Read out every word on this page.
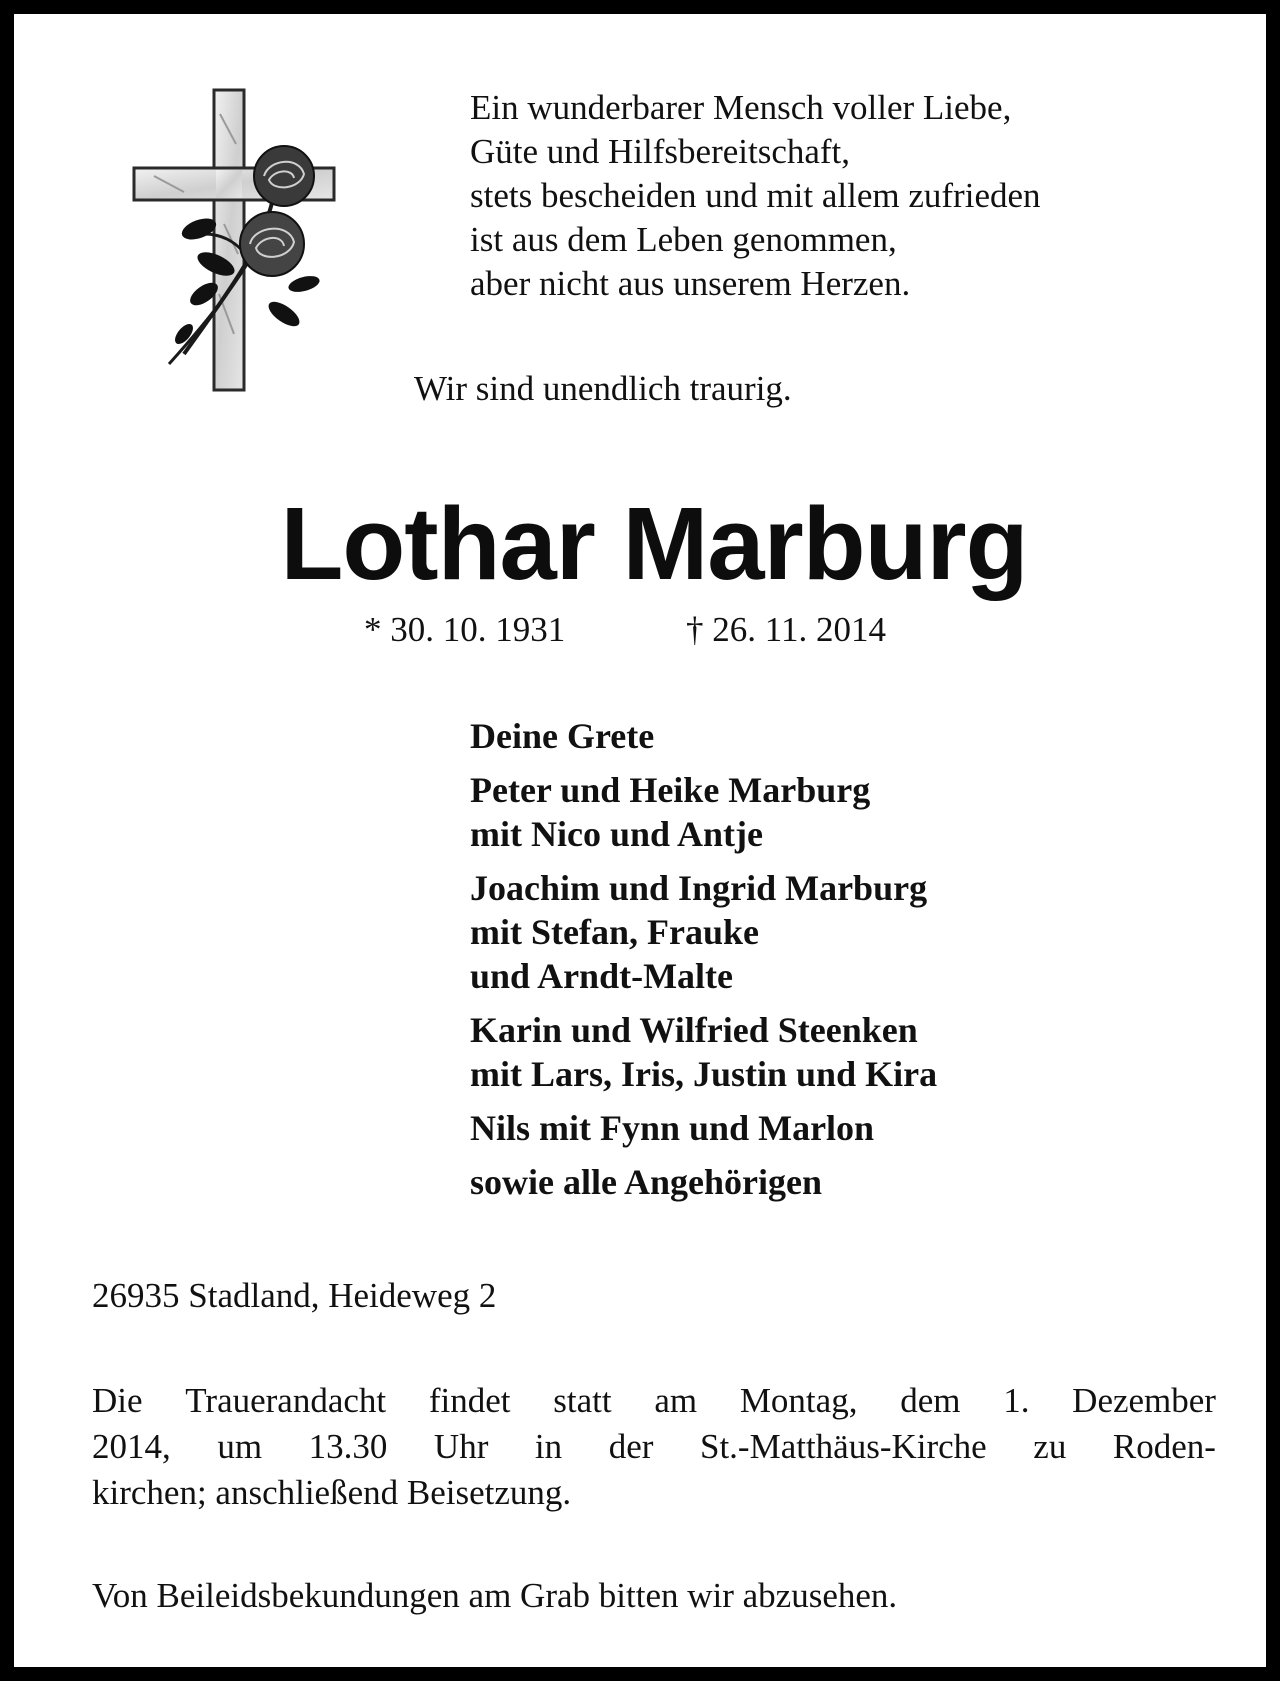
Ein wunderbarer Mensch voller Liebe,
Güte und Hilfsbereitschaft,
stets bescheiden und mit allem zufrieden
ist aus dem Leben genommen,
aber nicht aus unserem Herzen.
Wir sind unendlich traurig.
Lothar Marburg
* 30. 10. 1931	† 26. 11. 2014
Deine Grete
Peter und Heike Marburg
mit Nico und Antje
Joachim und Ingrid Marburg
mit Stefan, Frauke
und Arndt-Malte
Karin und Wilfried Steenken
mit Lars, Iris, Justin und Kira
Nils mit Fynn und Marlon
sowie alle Angehörigen
26935 Stadland, Heideweg 2
Die Trauerandacht findet statt am Montag, dem 1. Dezember
2014, um 13.30 Uhr in der St.-Matthäus-Kirche zu Roden-
kirchen; anschließend Beisetzung.
Von Beileidsbekundungen am Grab bitten wir abzusehen.
